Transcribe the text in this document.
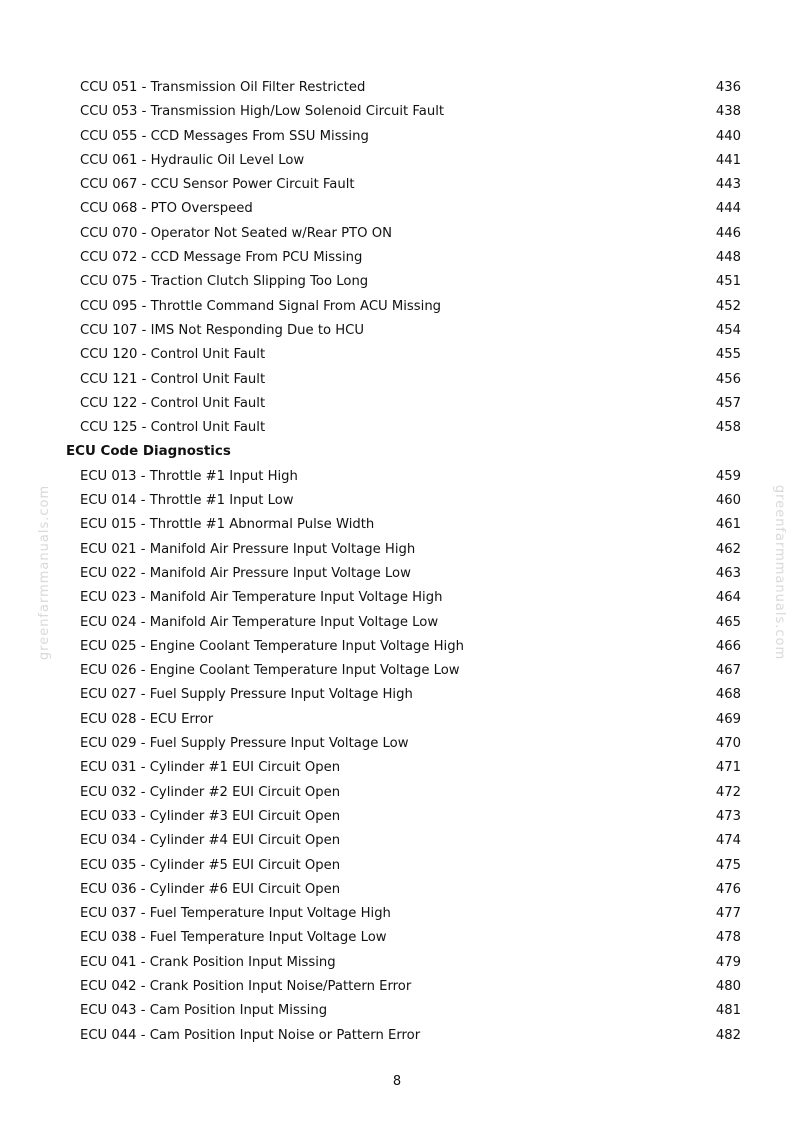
CCU 051 - Transmission Oil Filter Restricted	436
CCU 053 - Transmission High/Low Solenoid Circuit Fault	438
CCU 055 - CCD Messages From SSU Missing	440
CCU 061 - Hydraulic Oil Level Low	441
CCU 067 - CCU Sensor Power Circuit Fault	443
CCU 068 - PTO Overspeed	444
CCU 070 - Operator Not Seated w/Rear PTO ON	446
CCU 072 - CCD Message From PCU Missing	448
CCU 075 - Traction Clutch Slipping Too Long	451
CCU 095 - Throttle Command Signal From ACU Missing	452
CCU 107 - IMS Not Responding Due to HCU	454
CCU 120 - Control Unit Fault	455
CCU 121 - Control Unit Fault	456
CCU 122 - Control Unit Fault	457
CCU 125 - Control Unit Fault	458
ECU Code Diagnostics
ECU 013 - Throttle #1 Input High	459
ECU 014 - Throttle #1 Input Low	460
ECU 015 - Throttle #1 Abnormal Pulse Width	461
ECU 021 - Manifold Air Pressure Input Voltage High	462
ECU 022 - Manifold Air Pressure Input Voltage Low	463
ECU 023 - Manifold Air Temperature Input Voltage High	464
ECU 024 - Manifold Air Temperature Input Voltage Low	465
ECU 025 - Engine Coolant Temperature Input Voltage High	466
ECU 026 - Engine Coolant Temperature Input Voltage Low	467
ECU 027 - Fuel Supply Pressure Input Voltage High	468
ECU 028 - ECU Error	469
ECU 029 - Fuel Supply Pressure Input Voltage Low	470
ECU 031 - Cylinder #1 EUI Circuit Open	471
ECU 032 - Cylinder #2 EUI Circuit Open	472
ECU 033 - Cylinder #3 EUI Circuit Open	473
ECU 034 - Cylinder #4 EUI Circuit Open	474
ECU 035 - Cylinder #5 EUI Circuit Open	475
ECU 036 - Cylinder #6 EUI Circuit Open	476
ECU 037 - Fuel Temperature Input Voltage High	477
ECU 038 - Fuel Temperature Input Voltage Low	478
ECU 041 - Crank Position Input Missing	479
ECU 042 - Crank Position Input Noise/Pattern Error	480
ECU 043 - Cam Position Input Missing	481
ECU 044 - Cam Position Input Noise or Pattern Error	482
greenfarmmanuals.com	greenfarmmanuals.com
8
